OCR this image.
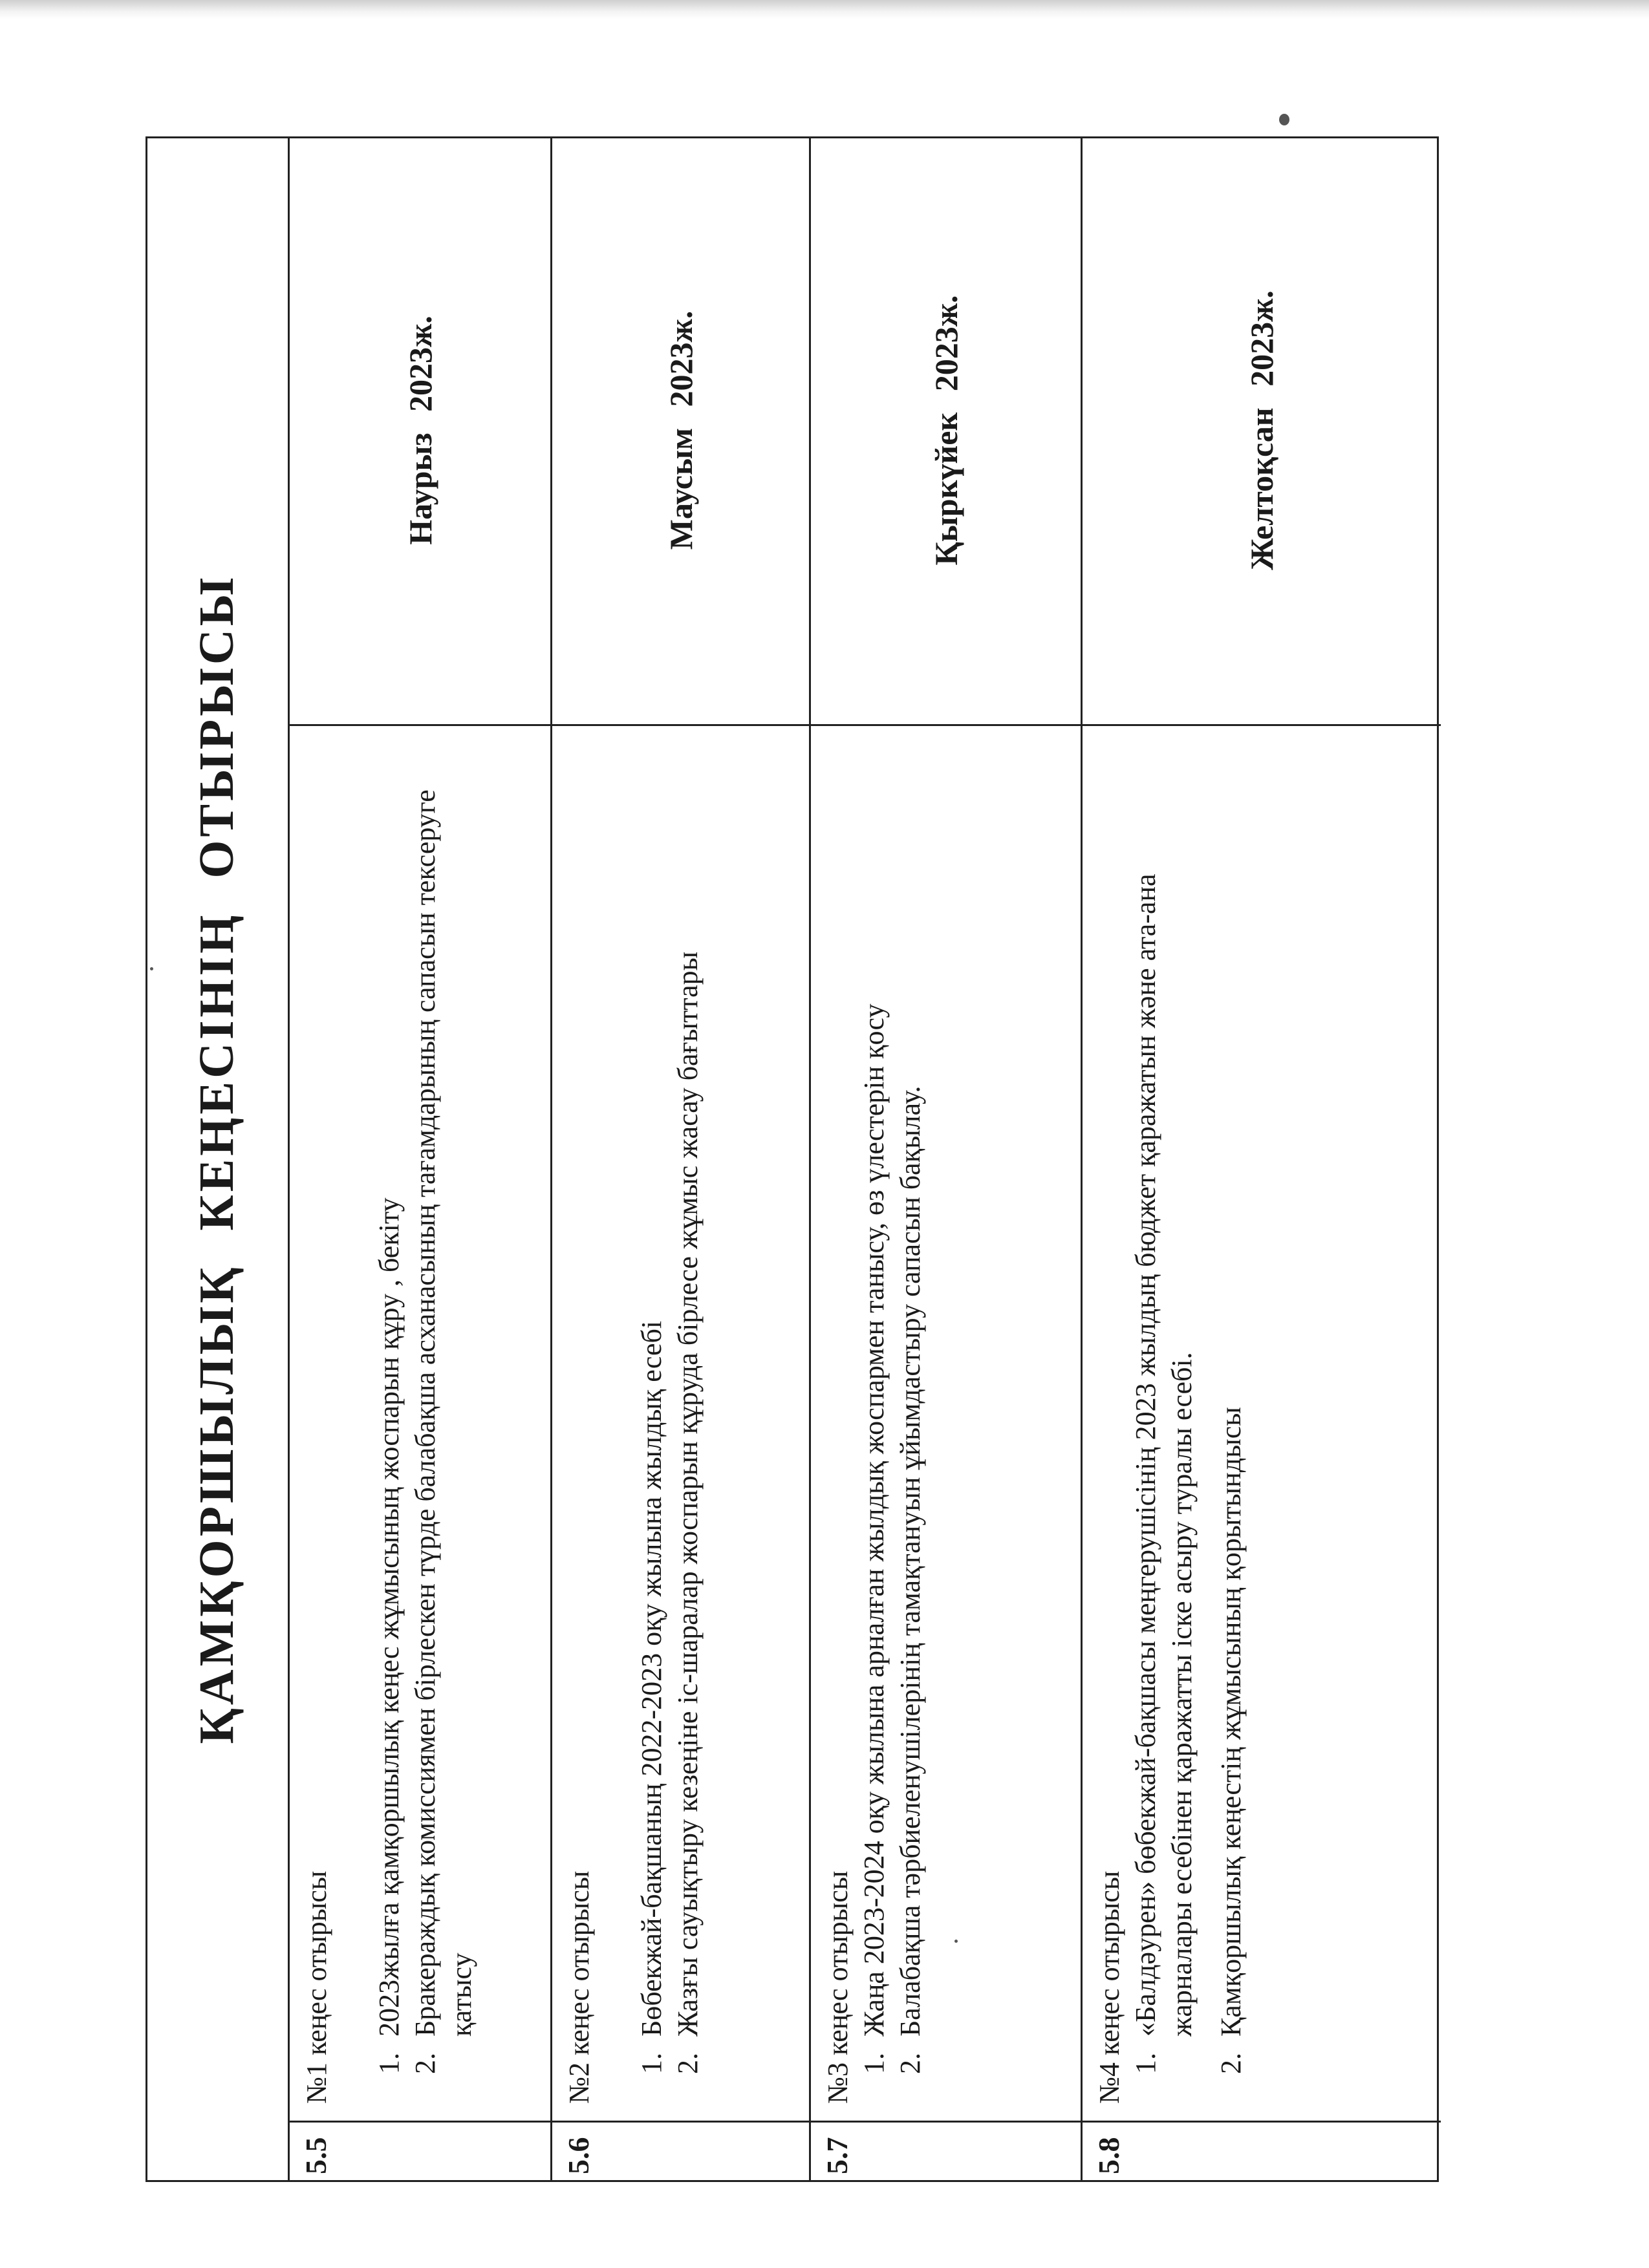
ҚАМҚОРШЫЛЫҚ КЕҢЕСІНІҢ ОТЫРЫСЫ
5.5
№1 кеңес отырысы 1. 2023жылға қамқоршылық кеңес жұмысының жоспарын құру , бекіту 2. Бракераждық комиссиямен бірлескен түрде балабақша асханасының тағамдарының сапасын тексеруге қатысу
Наурыз 2023ж.
5.6
№2 кеңес отырысы 1. Бөбекжай-бақшаның 2022-2023 оқу жылына жылдық есебі 2. Жазғы сауықтыру кезеңіне іс-шаралар жоспарын құруда бірлесе жұмыс жасау бағыттары
Маусым 2023ж.
5.7
№3 кеңес отырысы 1. Жаңа 2023-2024 оқу жылына арналған жылдық жоспармен танысу, өз үлестерін қосу 2. Балабақша тәрбиеленушілерінің тамақтануын ұйымдастыру сапасын бақылау.
Қыркүйек 2023ж.
5.8
№4 кеңес отырысы 1. «Балдәурен» бөбекжай-бақшасы меңгерушісінің 2023 жылдың бюджет қаражатын және ата-ана жарналары есебінен қаражатты іске асыру туралы есебі. 2. Қамқоршылық кеңестің жұмысының қорытындысы
Желтоқсан 2023ж.
